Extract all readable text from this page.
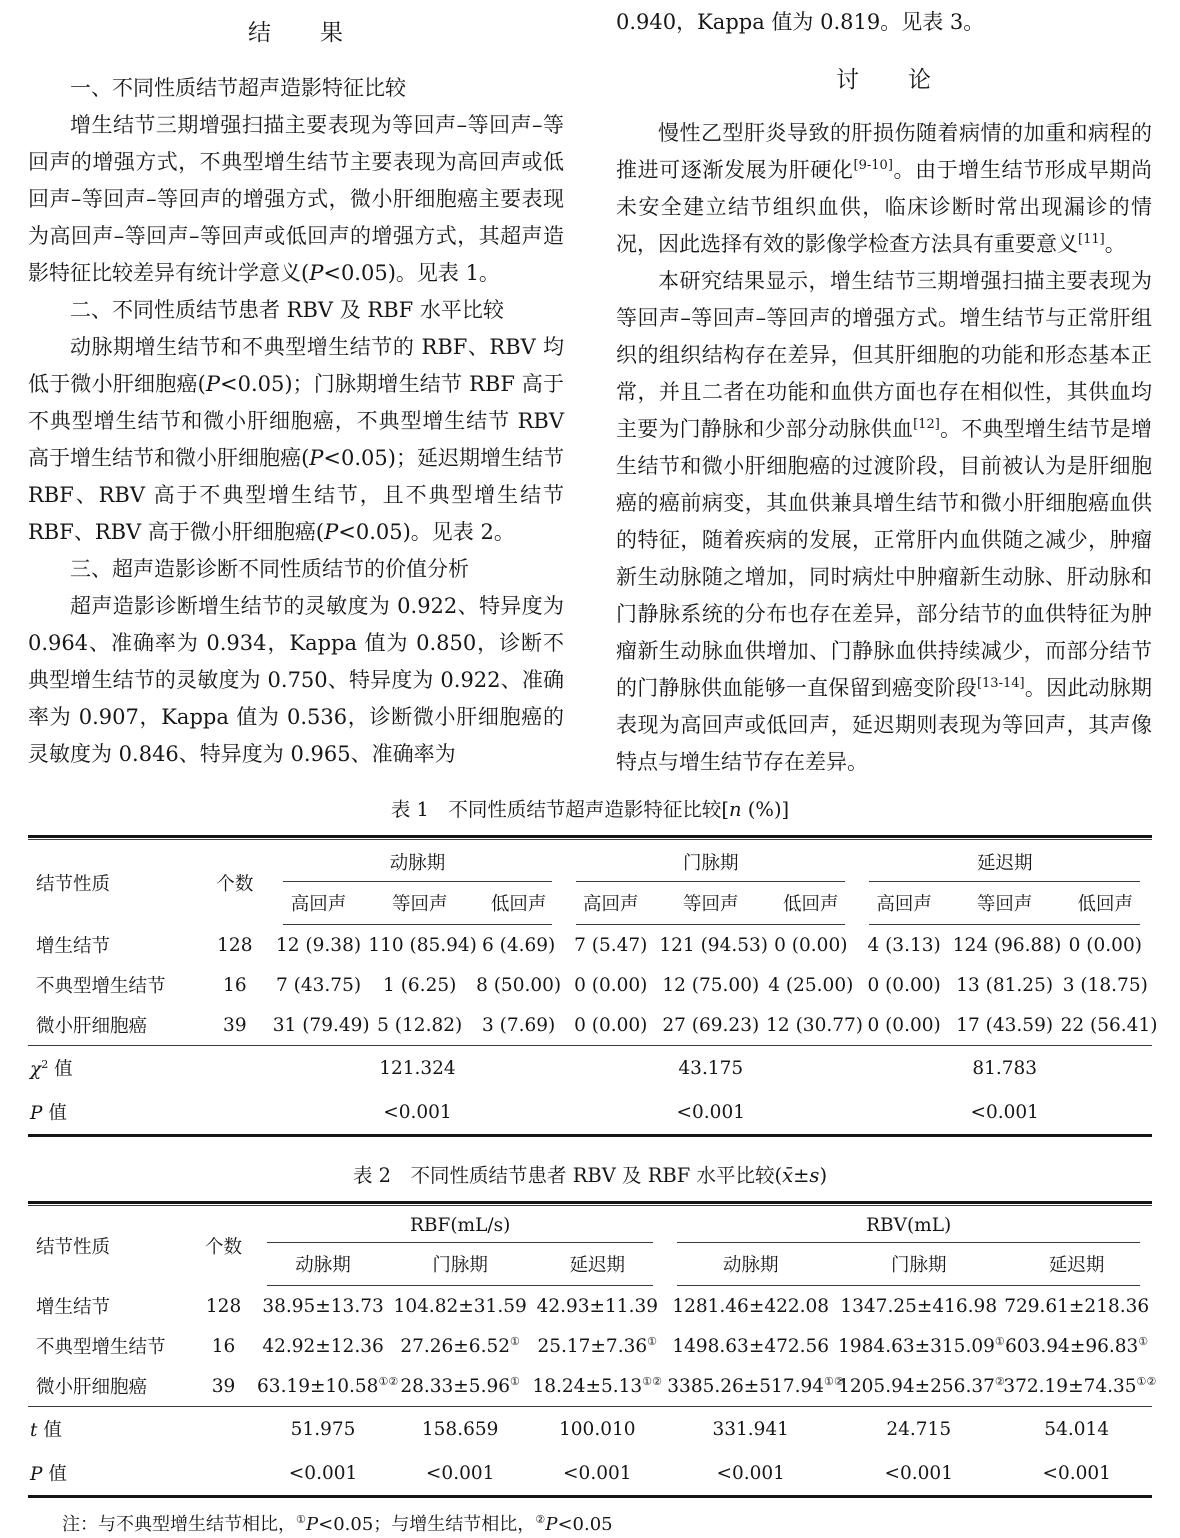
结　　果

一、不同性质结节超声造影特征比较

增生结节三期增强扫描主要表现为等回声–等回声–等回声的增强方式，不典型增生结节主要表现为高回声或低回声–等回声–等回声的增强方式，微小肝细胞癌主要表现为高回声–等回声–等回声或低回声的增强方式，其超声造影特征比较差异有统计学意义(P<0.05)。见表 1。

二、不同性质结节患者 RBV 及 RBF 水平比较

动脉期增生结节和不典型增生结节的 RBF、RBV 均低于微小肝细胞癌(P<0.05)；门脉期增生结节 RBF 高于不典型增生结节和微小肝细胞癌，不典型增生结节 RBV 高于增生结节和微小肝细胞癌(P<0.05)；延迟期增生结节 RBF、RBV 高于不典型增生结节，且不典型增生结节 RBF、RBV 高于微小肝细胞癌(P<0.05)。见表 2。

三、超声造影诊断不同性质结节的价值分析

超声造影诊断增生结节的灵敏度为 0.922、特异度为 0.964、准确率为 0.934，Kappa 值为 0.850，诊断不典型增生结节的灵敏度为 0.750、特异度为 0.922、准确率为 0.907，Kappa 值为 0.536，诊断微小肝细胞癌的灵敏度为 0.846、特异度为 0.965、准确率为

0.940，Kappa 值为 0.819。见表 3。

讨　　论

慢性乙型肝炎导致的肝损伤随着病情的加重和病程的推进可逐渐发展为肝硬化[9-10]。由于增生结节形成早期尚未安全建立结节组织血供，临床诊断时常出现漏诊的情况，因此选择有效的影像学检查方法具有重要意义[11]。

本研究结果显示，增生结节三期增强扫描主要表现为等回声–等回声–等回声的增强方式。增生结节与正常肝组织的组织结构存在差异，但其肝细胞的功能和形态基本正常，并且二者在功能和血供方面也存在相似性，其供血均主要为门静脉和少部分动脉供血[12]。不典型增生结节是增生结节和微小肝细胞癌的过渡阶段，目前被认为是肝细胞癌的癌前病变，其血供兼具增生结节和微小肝细胞癌血供的特征，随着疾病的发展，正常肝内血供随之减少，肿瘤新生动脉随之增加，同时病灶中肿瘤新生动脉、肝动脉和门静脉系统的分布也存在差异，部分结节的血供特征为肿瘤新生动脉血供增加、门静脉血供持续减少，而部分结节的门静脉供血能够一直保留到癌变阶段[13-14]。因此动脉期表现为高回声或低回声，延迟期则表现为等回声，其声像特点与增生结节存在差异。

表 1　不同性质结节超声造影特征比较[n (%)]

结节性质	个数	动脉期			门脉期			延迟期		
		高回声	等回声	低回声	高回声	等回声	低回声	高回声	等回声	低回声
增生结节	128	12 (9.38)	110 (85.94)	6 (4.69)	7 (5.47)	121 (94.53)	0 (0.00)	4 (3.13)	124 (96.88)	0 (0.00)
不典型增生结节	16	7 (43.75)	1 (6.25)	8 (50.00)	0 (0.00)	12 (75.00)	4 (25.00)	0 (0.00)	13 (81.25)	3 (18.75)
微小肝细胞癌	39	31 (79.49)	5 (12.82)	3 (7.69)	0 (0.00)	27 (69.23)	12 (30.77)	0 (0.00)	17 (43.59)	22 (56.41)
$\chi^2$ 值		121.324			43.175			81.783		
P 值		<0.001			<0.001			<0.001		

表 2　不同性质结节患者 RBV 及 RBF 水平比较(x̄±s)

结节性质	个数	RBF(mL/s)			RBV(mL)		
		动脉期	门脉期	延迟期	动脉期	门脉期	延迟期
增生结节	128	38.95±13.73	104.82±31.59	42.93±11.39	1281.46±422.08	1347.25±416.98	729.61±218.36
不典型增生结节	16	42.92±12.36	27.26±6.52①	25.17±7.36①	1498.63±472.56	1984.63±315.09①	603.94±96.83①
微小肝细胞癌	39	63.19±10.58①②	28.33±5.96①	18.24±5.13①②	3385.26±517.94①②	1205.94±256.37②	372.19±74.35①②
t 值		51.975	158.659	100.010	331.941	24.715	54.014
P 值		<0.001	<0.001	<0.001	<0.001	<0.001	<0.001

注：与不典型增生结节相比，①P<0.05；与增生结节相比，②P<0.05
